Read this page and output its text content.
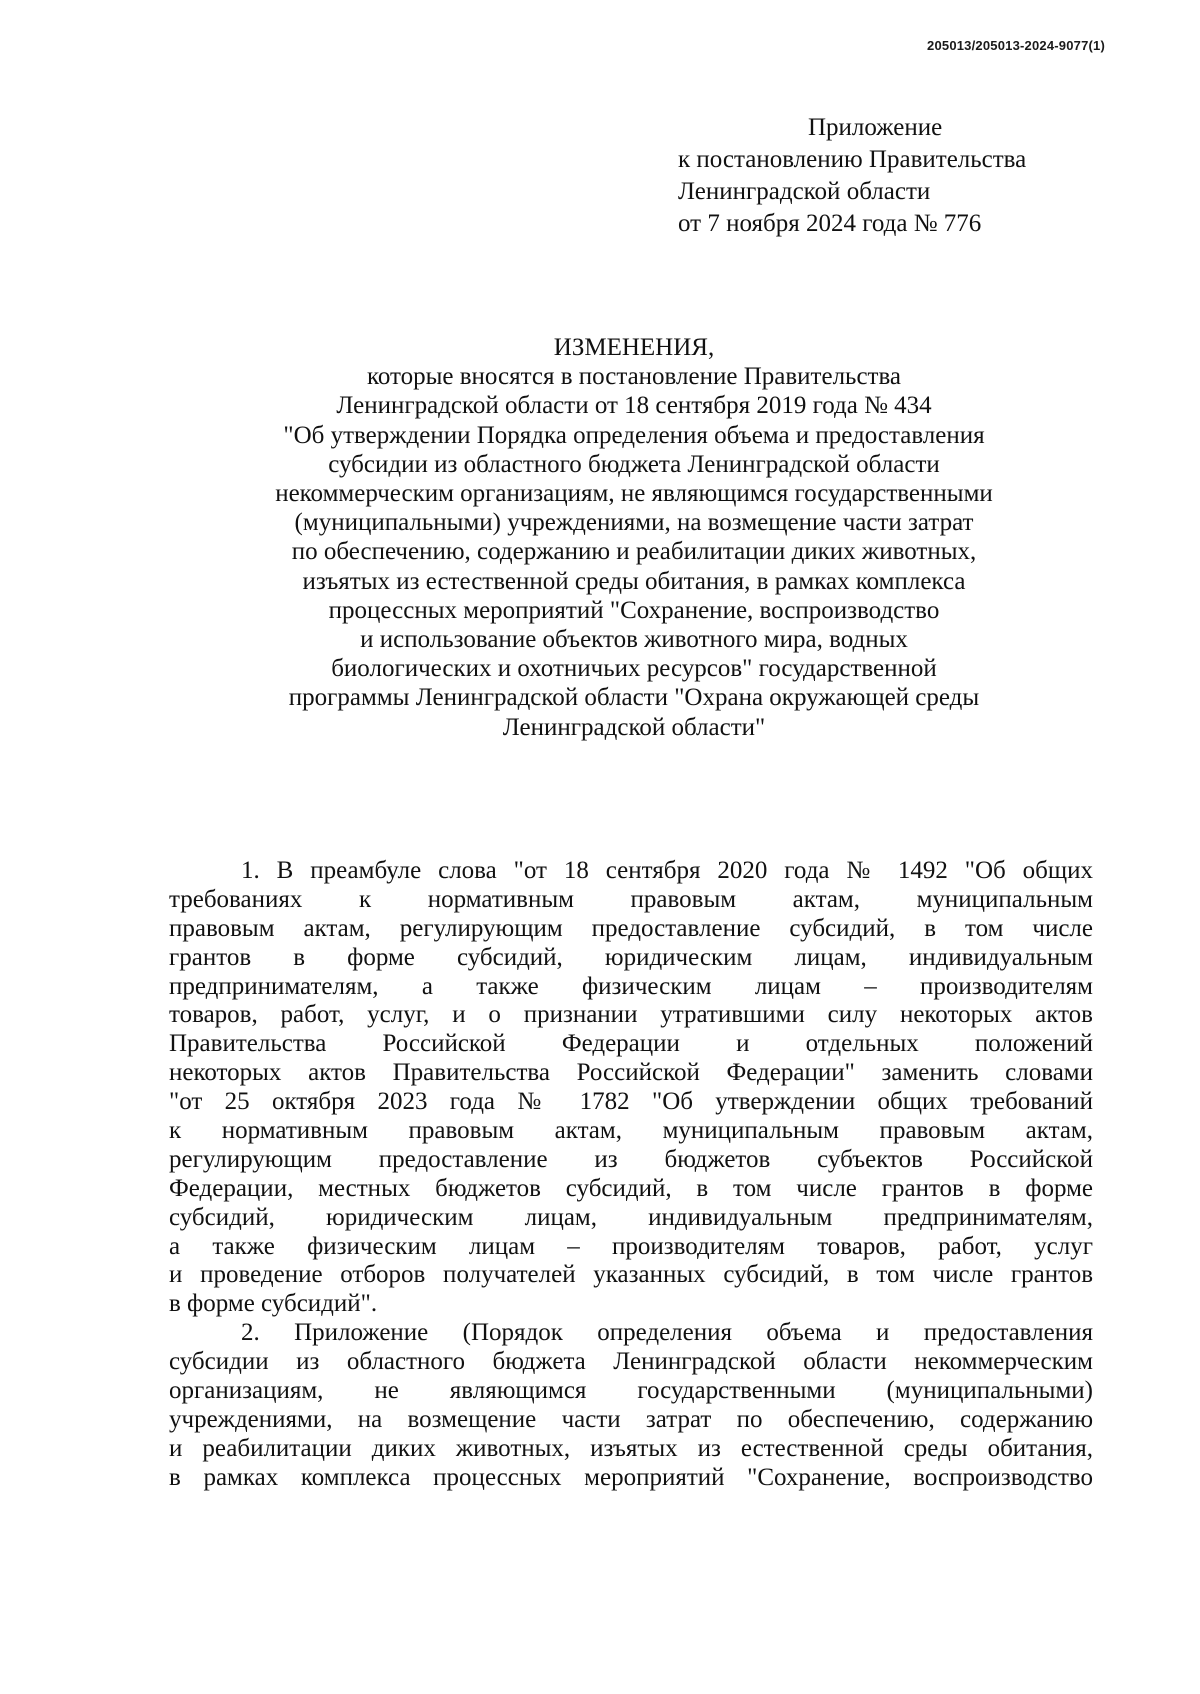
205013/205013-2024-9077(1)
Приложение
к постановлению Правительства
Ленинградской области
от 7 ноября 2024 года № 776
ИЗМЕНЕНИЯ,
которые вносятся в постановление Правительства
Ленинградской области от 18 сентября 2019 года № 434
"Об утверждении Порядка определения объема и предоставления
субсидии из областного бюджета Ленинградской области
некоммерческим организациям, не являющимся государственными
(муниципальными) учреждениями, на возмещение части затрат
по обеспечению, содержанию и реабилитации диких животных,
изъятых из естественной среды обитания, в рамках комплекса
процессных мероприятий "Сохранение, воспроизводство
и использование объектов животного мира, водных
биологических и охотничьих ресурсов" государственной
программы Ленинградской области "Охрана окружающей среды
Ленинградской области"
1. В преамбуле слова "от 18 сентября 2020 года № 1492 "Об общих
требованиях к нормативным правовым актам, муниципальным
правовым актам, регулирующим предоставление субсидий, в том числе
грантов в форме субсидий, юридическим лицам, индивидуальным
предпринимателям, а также физическим лицам – производителям
товаров, работ, услуг, и о признании утратившими силу некоторых актов
Правительства Российской Федерации и отдельных положений
некоторых актов Правительства Российской Федерации" заменить словами
"от 25 октября 2023 года № 1782 "Об утверждении общих требований
к нормативным правовым актам, муниципальным правовым актам,
регулирующим предоставление из бюджетов субъектов Российской
Федерации, местных бюджетов субсидий, в том числе грантов в форме
субсидий, юридическим лицам, индивидуальным предпринимателям,
а также физическим лицам – производителям товаров, работ, услуг
и проведение отборов получателей указанных субсидий, в том числе грантов
в форме субсидий".
2. Приложение (Порядок определения объема и предоставления
субсидии из областного бюджета Ленинградской области некоммерческим
организациям, не являющимся государственными (муниципальными)
учреждениями, на возмещение части затрат по обеспечению, содержанию
и реабилитации диких животных, изъятых из естественной среды обитания,
в рамках комплекса процессных мероприятий "Сохранение, воспроизводство
